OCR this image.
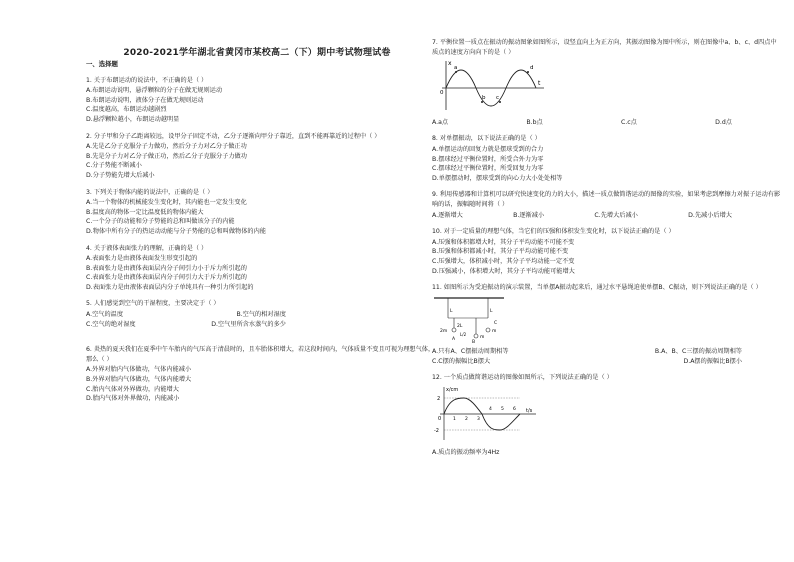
2020-2021学年湖北省黄冈市某校高二（下）期中考试物理试卷
一、选择题
1. 关于布朗运动的说法中，不正确的是（ ）
A.布朗运动说明，悬浮颗粒的分子在做无规则运动
B.布朗运动说明，液体分子在做无规则运动
C.温度越高，布朗运动越剧烈
D.悬浮颗粒越小，布朗运动越明显
2. 分子甲和分子乙距离较远，设甲分子固定不动，乙分子逐渐向甲分子靠近，直到不能再靠近的过程中（ ）
A.先是乙分子克服分子力做功，然后分子力对乙分子做正功
B.先是分子力对乙分子做正功，然后乙分子克服分子力做功
C.分子势能不断减小
D.分子势能先增大后减小
3. 下列关于物体内能的说法中，正确的是（ ）
A.当一个物体的机械能发生变化时，其内能也一定发生变化
B.温度高的物体一定比温度低的物体内能大
C.一个分子的动能和分子势能的总和叫做该分子的内能
D.物体中所有分子的热运动动能与分子势能的总和叫做物体的内能
4. 关于液体表面张力的理解，正确的是（ ）
A.表面张力是由液体表面发生形变引起的
B.表面张力是由液体表面层内分子间引力小于斥力所引起的
C.表面张力是由液体表面层内分子间引力大于斥力所引起的
D.表面张力是由液体表面层内分子单纯具有一种引力所引起的
5. 人们感觉到空气的干湿程度，主要决定于（ ）
A.空气的温度	B.空气的相对湿度
C.空气的绝对湿度	D.空气里所含水蒸气的多少
6. 炎热的夏天我们在夏季中午车胎内的气压高于清晨时的，且车胎体积增大，若这段时间内，气体质量不变且可视为理想气体，那么（ ）
A.外界对胎内气体做功，气体内能减小
B.外界对胎内气体做功，气体内能增大
C.胎内气体对外界做功，内能增大
D.胎内气体对外界做功，内能减小
7. 平衡位置一质点在振动的振动图象如图所示，设竖直向上为正方向，其振动图像为图中所示，则在图像中a、b、c、d四点中质点的速度方向向下的是（ ）
x
t
0
a
b c
d
A.a点	B.b点	C.c点	D.d点
8. 对单摆振动，以下说法正确的是（ ）
A.单摆运动的回复力就是摆球受到的合力
B.摆球经过平衡位置时，所受合外力为零
C.摆球经过平衡位置时，所受回复力为零
D.单摆摆动时，摆球受到的向心力大小处处相等
9. 利用传感器和计算机可以研究快速变化的力的大小，描述一质点做简谐运动的图像的实验，如果考虑到摩擦力对振子运动有影响的话，振幅随时间将（ ）
A.逐渐增大	B.逐渐减小	C.先增大后减小	D.先减小后增大
10. 对于一定质量的理想气体，当它们的压强和体积发生变化时，以下说法正确的是（ ）
A.压强和体积都增大时，其分子平均动能不可能不变
B.压强和体积都减小时，其分子平均动能可能不变
C.压强增大，体积减小时，其分子平均动能一定不变
D.压强减小，体积增大时，其分子平均动能可能增大
11. 如图所示为受迫振动的演示装置，当单摆A振动起来后，通过水平悬绳迫使单摆B、C振动，则下列说法正确的是（ ）
L
2m
2L
m
m
L
A
B
C
L/2
A.只有A、C摆振动周期相等	B.A、B、C三摆的振动周期相等
C.C摆的振幅比B摆大	D.A摆的振幅比B摆小
12. 一个质点做简谐运动的图像如图所示，下列说法正确的是（ ）
x/cm
t/s
2
-2
0	1 2 3
4 5 6
A.质点的振动频率为4Hz
